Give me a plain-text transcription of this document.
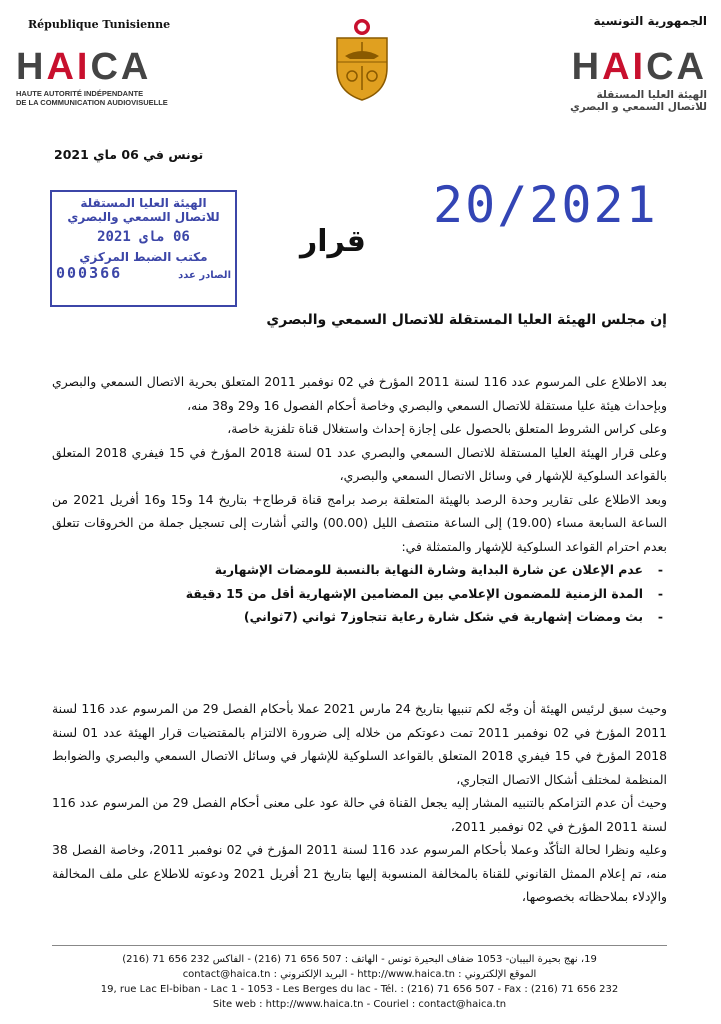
République Tunisienne
HAICA
HAUTE AUTORITÉ INDÉPENDANTE
DE LA COMMUNICATION AUDIOVISUELLE
الجمهورية التونسية
HAICA
الهيئة العليا المستقلة
للاتصال السمعي و البصري
تونس في 06 ماي 2021
الهيئة العليا المستقلة
للاتصال السمعي والبصري
06 ماى 2021
مكتب الضبط المركزي
الصادر عدد
000366
20/2021
قرار
إن مجلس الهيئة العليا المستقلة للاتصال السمعي والبصري

بعد الاطلاع على المرسوم عدد 116 لسنة 2011 المؤرخ في 02 نوفمبر 2011 المتعلق بحرية الاتصال السمعي والبصري وبإحداث هيئة عليا مستقلة للاتصال السمعي والبصري وخاصة أحكام الفصول 16 و29 و38 منه،

وعلى كراس الشروط المتعلق بالحصول على إجازة إحداث واستغلال قناة تلفزية خاصة،

وعلى قرار الهيئة العليا المستقلة للاتصال السمعي والبصري عدد 01 لسنة 2018 المؤرخ في 15 فيفري 2018 المتعلق بالقواعد السلوكية للإشهار في وسائل الاتصال السمعي والبصري،

وبعد الاطلاع على تقارير وحدة الرصد بالهيئة المتعلقة برصد برامج قناة قرطاج+ بتاريخ 14 و15 و16 أفريل 2021 من الساعة السابعة مساء (19.00) إلى الساعة منتصف الليل (00.00) والتي أشارت إلى تسجيل جملة من الخروقات تتعلق بعدم احترام القواعد السلوكية للإشهار والمتمثلة في:

- عدم الإعلان عن شارة البداية وشارة النهاية بالنسبة للومضات الإشهارية

- المدة الزمنية للمضمون الإعلامي بين المضامين الإشهارية أقل من 15 دقيقة

- بث ومضات إشهارية في شكل شارة رعاية تتجاوز7 ثواني (7ثواني)

وحيث سبق لرئيس الهيئة أن وجّه لكم تنبيها بتاريخ 24 مارس 2021 عملا بأحكام الفصل 29 من المرسوم عدد 116 لسنة 2011 المؤرخ في 02 نوفمبر 2011 تمت دعوتكم من خلاله إلى ضرورة الالتزام بالمقتضيات قرار الهيئة عدد 01 لسنة 2018 المؤرخ في 15 فيفري 2018 المتعلق بالقواعد السلوكية للإشهار في وسائل الاتصال السمعي والبصري والضوابط المنظمة لمختلف أشكال الاتصال التجاري،

وحيث أن عدم التزامكم بالتنبيه المشار إليه يجعل القناة في حالة عود على معنى أحكام الفصل 29 من المرسوم عدد 116 لسنة 2011 المؤرخ في 02 نوفمبر 2011،

وعليه ونظرا لحالة التأكّد وعملا بأحكام المرسوم عدد 116 لسنة 2011 المؤرخ في 02 نوفمبر 2011، وخاصة الفصل 38 منه، تم إعلام الممثل القانوني للقناة بالمخالفة المنسوبة إليها بتاريخ 21 أفريل 2021 ودعوته للاطلاع على ملف المخالفة والإدلاء بملاحظاته بخصوصها،

19، نهج بحيرة البيبان- 1053 ضفاف البحيرة تونس - الهاتف : 507 656 71 (216) - الفاكس 232 656 71 (216)
الموقع الإلكتروني : http://www.haica.tn - البريد الإلكتروني : contact@haica.tn
19, rue Lac El-biban - Lac 1 - 1053 - Les Berges du lac - Tél. : (216) 71 656 507 - Fax : (216) 71 656 232
Site web : http://www.haica.tn - Couriel : contact@haica.tn
